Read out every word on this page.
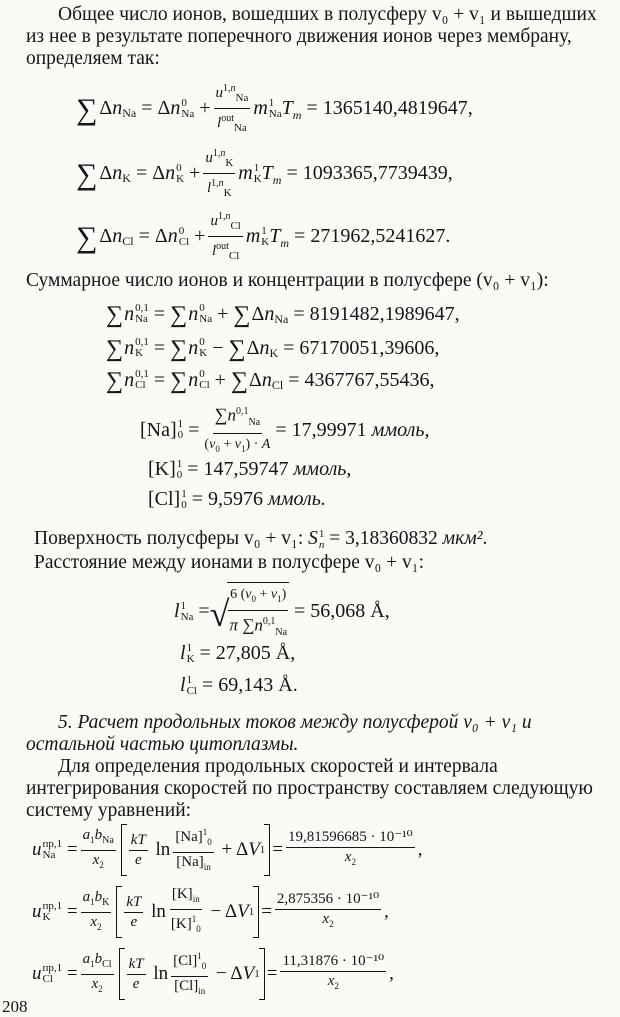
Общее число ионов, вошедших в полусферу v₀ + v₁ и вышедших из нее в результате поперечного движения ионов через мембрану, определяем так:
∑ Δ n Na = Δ n 0
$Na + \frac{u^{1,n}_{Na}}{l^{out}_{Na}}$ m 1
Na $T_m = 1365140,4819647$,
∑ Δ n K = Δ n 0
$K + \frac{u^{1,n}_K}{l^{1,n}_K}$ m 1
K $T_m = 1093365,7739439$,
∑ Δ n Cl = Δ n 0
$Cl + \frac{u^{1,n}_{Cl}}{l^{out}_{Cl}}$ m 1
K $T_m = 271962,5241627$.
Суммарное число ионов и концентрации в полусфере (v₀ + v₁):
∑ n 0,1
Na = ∑ n 0
Na + ∑ Δ n Na = 8191482,1989647,
∑ n 0,1
K = ∑ n 0
K − ∑ Δ n K = 67170051,39606,
∑ n 0,1
Cl = ∑ n 0
Cl + ∑ Δ n Cl = 4367767,55436,
[Na] 1
$0 = \frac{\sum n^{0,1}_{Na}}{(v_0 + v_1) \cdot A} = 17,99971$
ммоль,
[K] 1
0 = 147,59747
ммоль,
[Cl] 1
0 = 9,5976
ммоль.
Поверхность полусферы v₀ + v₁: S 1
n = 3,18360832 мкм².
Расстояние между ионами в полусфере v₀ + v₁:
l 1
Na = √
$\frac{6 (v_0 + v_1)}{\pi \sum n^{0,1}_{Na}} = 56,068$ Å,
l 1
K = 27,805 Å,
l 1
Cl = 69,143 Å.
5. Расчет продольных токов между полусферой v₀ + v₁ и остальной частью цитоплазмы.
Для определения продольных скоростей и интервала интегрирования скоростей по пространству составляем следующую систему уравнений:
u пр,1
$Na = \frac{a_1b_{Na}}{x_2} \frac{kT}{e}$ $\ln \frac{[Na]^1_0}{[Na]_{in}} + \Delta$ V $1 = \frac{\text{19,81596685 · 10⁻¹⁰}}{x_2}$ ,
u пр,1
$K = \frac{a_1b_K}{x_2} \frac{kT}{e}$ $\ln \frac{[K]_{in}}{[K]^1_0} - \Delta$ V $1 = \frac{\text{2,875356 · 10⁻¹⁰}}{x_2}$ ,
u пр,1
$Cl = \frac{a_1b_{Cl}}{x_2} \frac{kT}{e}$ $\ln \frac{[Cl]^1_0}{[Cl]_{in}} - \Delta$ V $1 = \frac{\text{11,31876 · 10⁻¹⁰}}{x_2}$ ,
208
